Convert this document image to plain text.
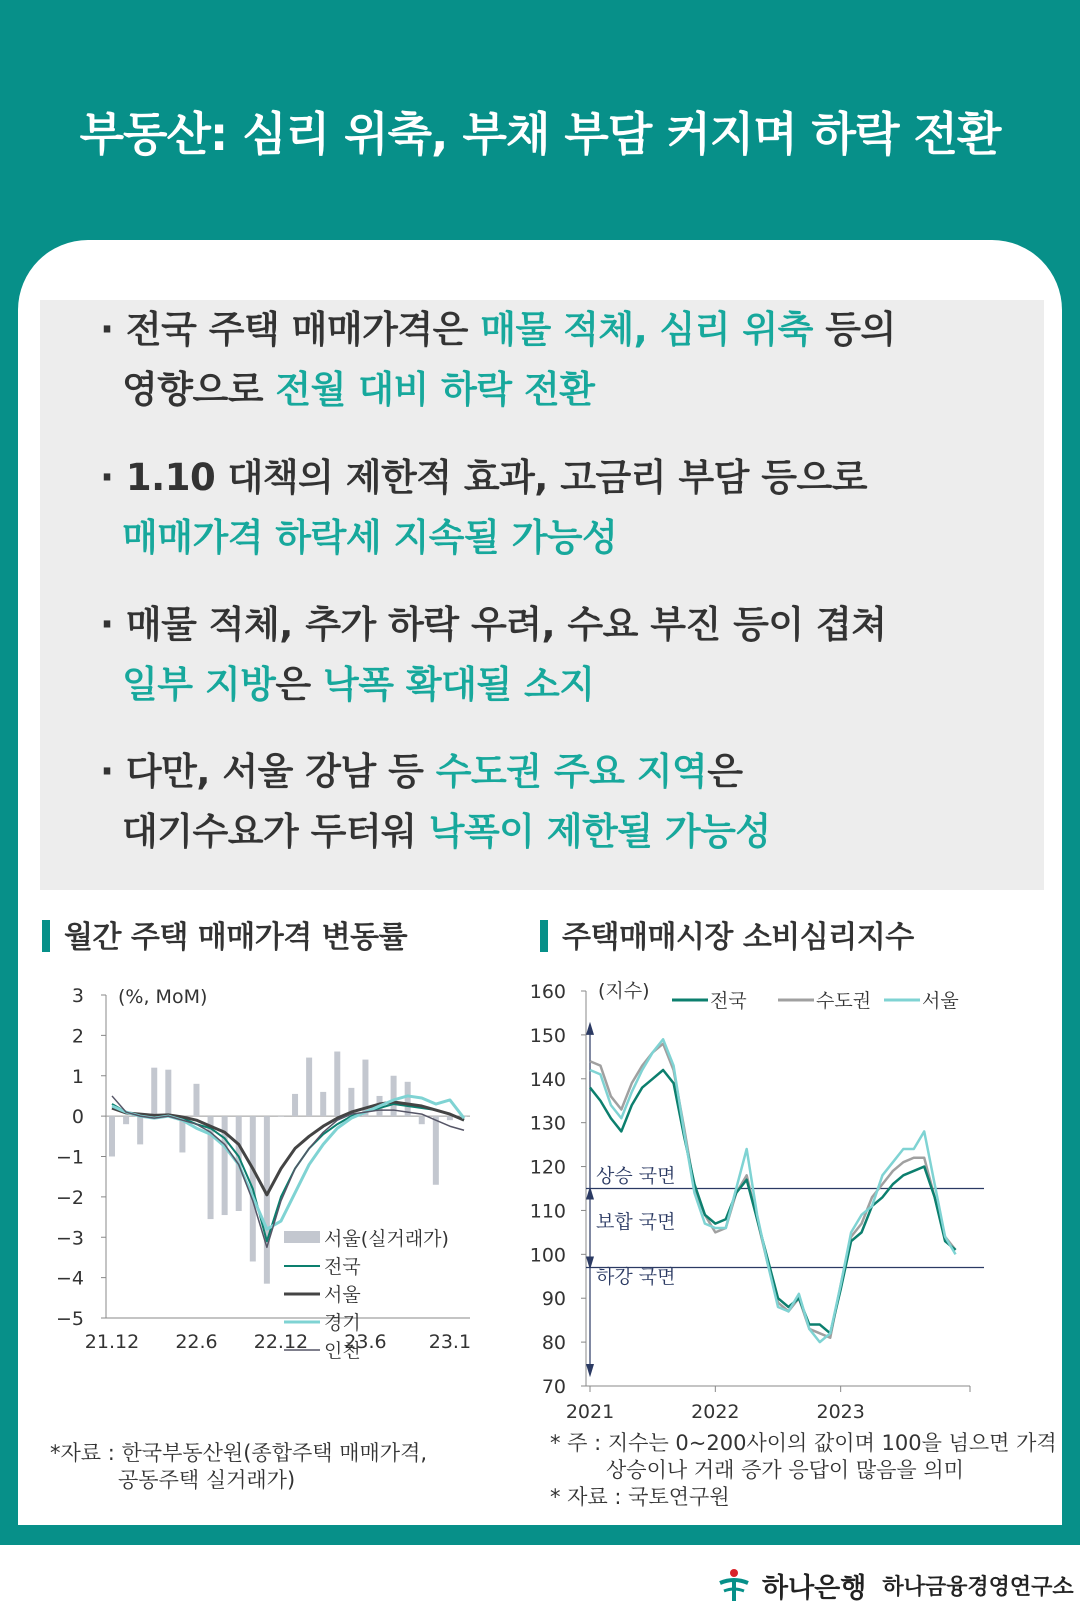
부동산: 심리 위축, 부채 부담 커지며 하락 전환
· 전국 주택 매매가격은 매물 적체, 심리 위축 등의
영향으로 전월 대비 하락 전환
· 1.10 대책의 제한적 효과, 고금리 부담 등으로
매매가격 하락세 지속될 가능성
· 매물 적체, 추가 하락 우려, 수요 부진 등이 겹쳐
일부 지방은 낙폭 확대될 소지
· 다만, 서울 강남 등 수도권 주요 지역은
대기수요가 두터워 낙폭이 제한될 가능성
월간 주택 매매가격 변동률	주택매매시장 소비심리지수
3
2
1
0
−1
−2
−3
−4
−5
21.12 22.6 22.12 23.6 23.1
(%, MoM)
서울(실거래가)
전국
서울
경기
인천
160
150
140
130
120
110
100
90
80
70
2021	2022	2023
(지수)
상승 국면
보합 국면
하강 국면
전국	수도권	서울
*자료 : 한국부동산원(종합주택 매매가격,
공동주택 실거래가)
* 주 : 지수는 0~200사이의 값이며 100을 넘으면 가격
상승이나 거래 증가 응답이 많음을 의미
* 자료 : 국토연구원
하나은행 하나금융경영연구소
